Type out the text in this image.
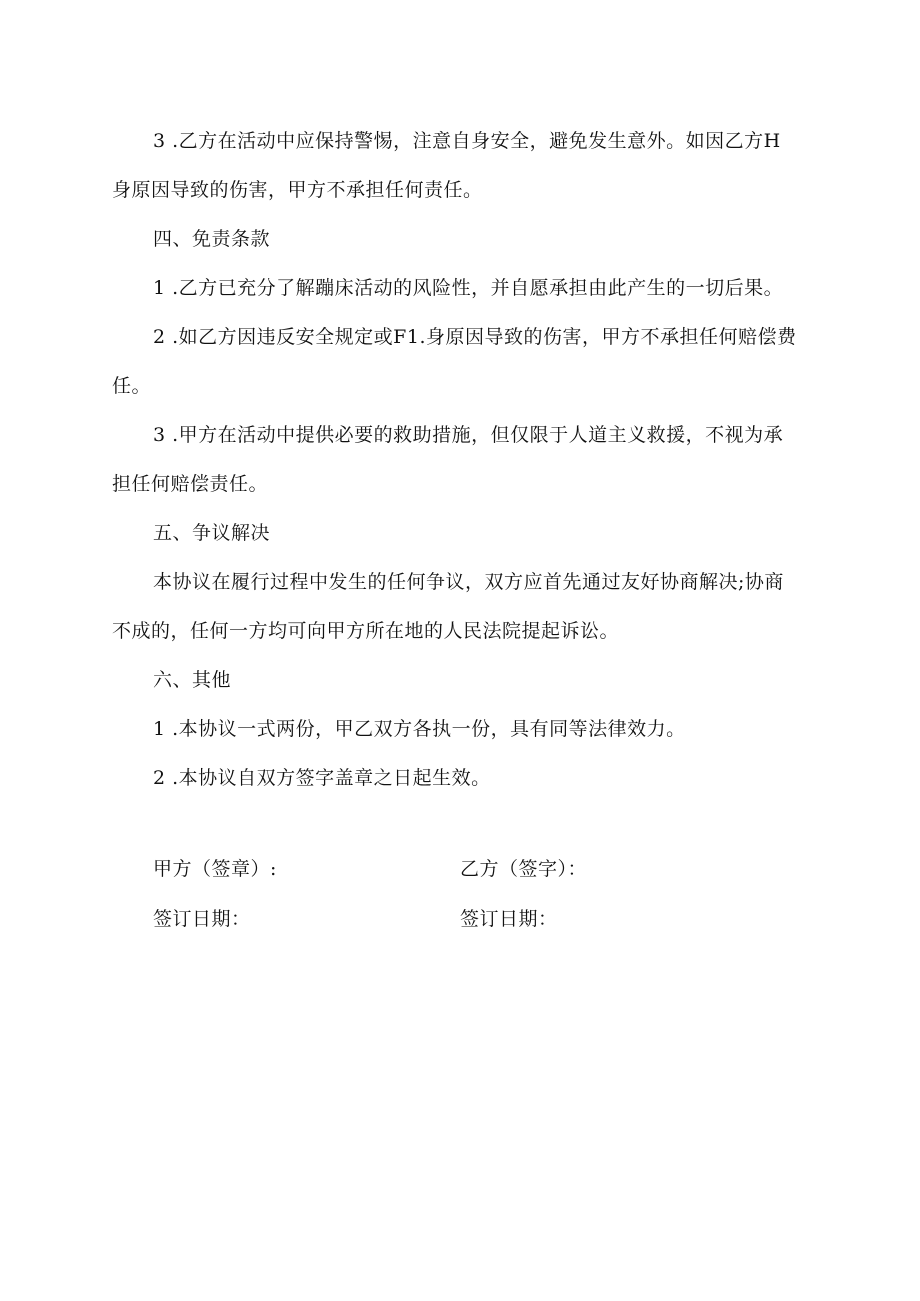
3 .乙方在活动中应保持警惕，注意自身安全，避免发生意外。如因乙方H
身原因导致的伤害，甲方不承担任何责任。
四、免责条款
1 .乙方已充分了解蹦床活动的风险性，并自愿承担由此产生的一切后果。
2 .如乙方因违反安全规定或F1.身原因导致的伤害，甲方不承担任何赔偿费
任。
3 .甲方在活动中提供必要的救助措施，但仅限于人道主义救援，不视为承
担任何赔偿责任。
五、争议解决
本协议在履行过程中发生的任何争议，双方应首先通过友好协商解决;协商
不成的，任何一方均可向甲方所在地的人民法院提起诉讼。
六、其他
1 .本协议一式两份，甲乙双方各执一份，具有同等法律效力。
2 .本协议自双方签字盖章之日起生效。
甲方（签章）:	乙方（签字）：
签订日期：	签订日期：
